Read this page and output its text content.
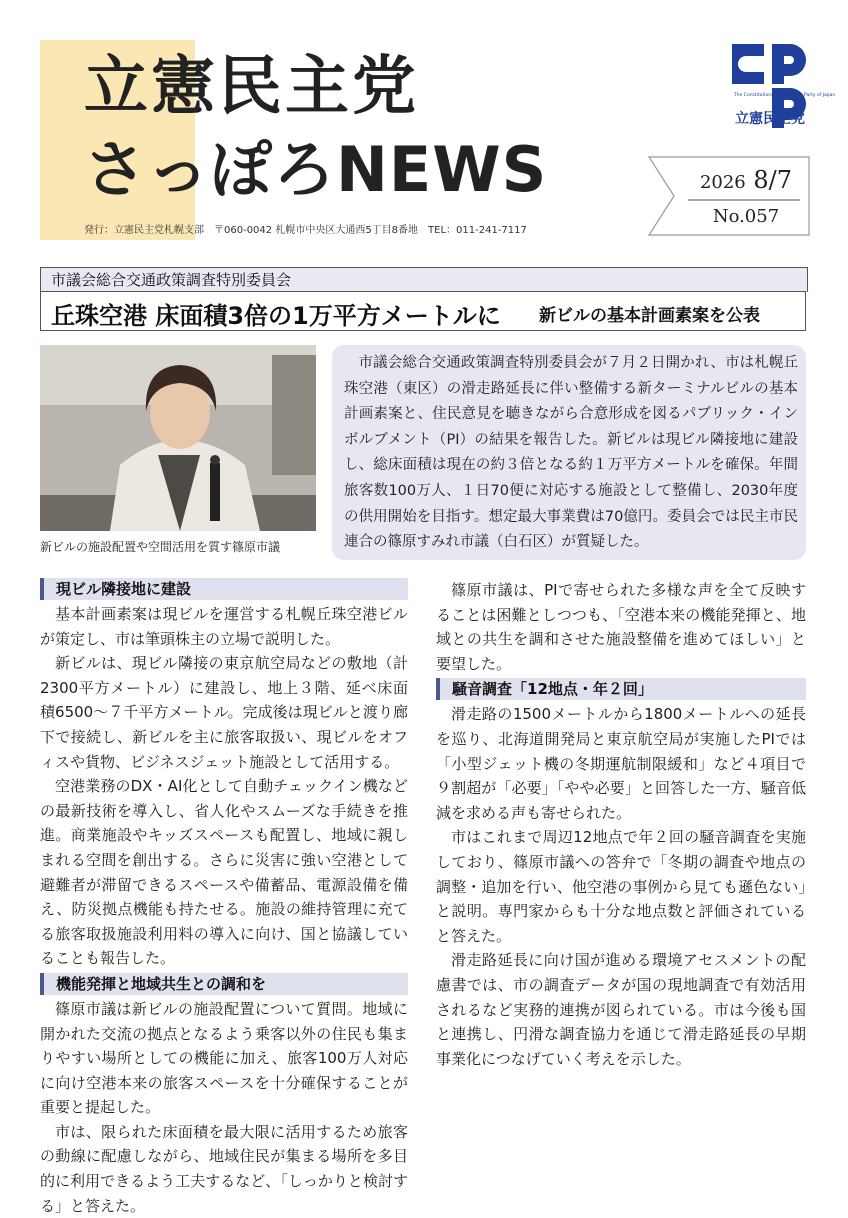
立憲民主党
さっぽろNEWS
発行：立憲民主党札幌支部　〒060-0042 札幌市中央区大通西5丁目8番地　TEL：011-241-7117
The Constitutional Democratic Party of Japan
立憲民主党
2026 8/7
No.057
市議会総合交通政策調査特別委員会
丘珠空港 床面積3倍の1万平方メートルに 新ビルの基本計画素案を公表
新ビルの施設配置や空間活用を質す篠原市議
市議会総合交通政策調査特別委員会が７月２日開かれ、市は札幌丘珠空港（東区）の滑走路延長に伴い整備する新ターミナルビルの基本計画素案と、住民意見を聴きながら合意形成を図るパブリック・インボルブメント（PI）の結果を報告した。新ビルは現ビル隣接地に建設し、総床面積は現在の約３倍となる約１万平方メートルを確保。年間旅客数100万人、１日70便に対応する施設として整備し、2030年度の供用開始を目指す。想定最大事業費は70億円。委員会では民主市民連合の篠原すみれ市議（白石区）が質疑した。
現ビル隣接地に建設

基本計画素案は現ビルを運営する札幌丘珠空港ビルが策定し、市は筆頭株主の立場で説明した。

新ビルは、現ビル隣接の東京航空局などの敷地（計2300平方メートル）に建設し、地上３階、延べ床面積6500～７千平方メートル。完成後は現ビルと渡り廊下で接続し、新ビルを主に旅客取扱い、現ビルをオフィスや貨物、ビジネスジェット施設として活用する。

空港業務のDX・AI化として自動チェックイン機などの最新技術を導入し、省人化やスムーズな手続きを推進。商業施設やキッズスペースも配置し、地域に親しまれる空間を創出する。さらに災害に強い空港として避難者が滞留できるスペースや備蓄品、電源設備を備え、防災拠点機能も持たせる。施設の維持管理に充てる旅客取扱施設利用料の導入に向け、国と協議していることも報告した。

篠原市議は新ビルの施設配置について質問。地域に開かれた交流の拠点となるよう乗客以外の住民も集まりやすい場所としての機能に加え、旅客100万人対応に向け空港本来の旅客スペースを十分確保することが重要と提起した。

市は、限られた床面積を最大限に活用するため旅客の動線に配慮しながら、地域住民が集まる場所を多目的に利用できるよう工夫するなど、「しっかりと検討する」と答えた。

機能発揮と地域共生との調和を

篠原市議は、PIで寄せられた多様な声を全て反映することは困難としつつも、「空港本来の機能発揮と、地域との共生を調和させた施設整備を進めてほしい」と要望した。

滑走路の1500メートルから1800メートルへの延長を巡り、北海道開発局と東京航空局が実施したPIでは「小型ジェット機の冬期運航制限緩和」など４項目で９割超が「必要」「やや必要」と回答した一方、騒音低減を求める声も寄せられた。

市はこれまで周辺12地点で年２回の騒音調査を実施しており、篠原市議への答弁で「冬期の調査や地点の調整・追加を行い、他空港の事例から見ても遜色ない」と説明。専門家からも十分な地点数と評価されていると答えた。

滑走路延長に向け国が進める環境アセスメントの配慮書では、市の調査データが国の現地調査で有効活用されるなど実務的連携が図られている。市は今後も国と連携し、円滑な調査協力を通じて滑走路延長の早期事業化につなげていく考えを示した。

騒音調査「12地点・年２回」
